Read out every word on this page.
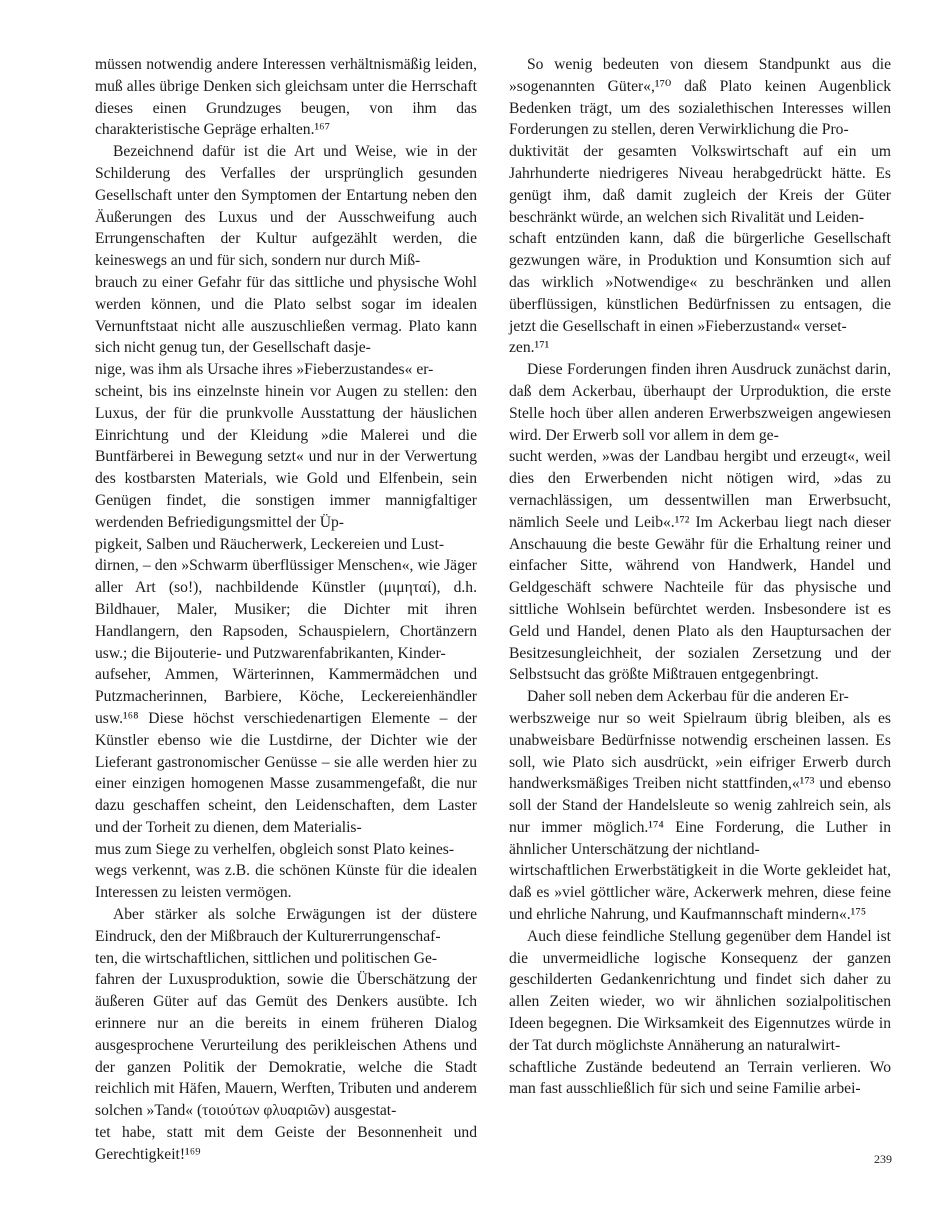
müssen notwendig andere Interessen verhältnismäßig leiden, muß alles übrige Denken sich gleichsam unter die Herrschaft dieses einen Grundzuges beugen, von ihm das charakteristische Gepräge erhalten.¹⁶⁷

Bezeichnend dafür ist die Art und Weise, wie in der Schilderung des Verfalles der ursprünglich gesunden Gesellschaft unter den Symptomen der Entartung neben den Äußerungen des Luxus und der Ausschweifung auch Errungenschaften der Kultur aufgezählt werden, die keineswegs an und für sich, sondern nur durch Miß-
brauch zu einer Gefahr für das sittliche und physische Wohl werden können, und die Plato selbst sogar im idealen Vernunftstaat nicht alle auszuschließen vermag. Plato kann sich nicht genug tun, der Gesellschaft dasje-
nige, was ihm als Ursache ihres »Fieberzustandes« er-
scheint, bis ins einzelnste hinein vor Augen zu stellen: den Luxus, der für die prunkvolle Ausstattung der häuslichen Einrichtung und der Kleidung »die Malerei und die Buntfärberei in Bewegung setzt« und nur in der Verwertung des kostbarsten Materials, wie Gold und Elfenbein, sein Genügen findet, die sonstigen immer mannigfaltiger werdenden Befriedigungsmittel der Üp-
pigkeit, Salben und Räucherwerk, Leckereien und Lust-
dirnen, – den »Schwarm überflüssiger Menschen«, wie Jäger aller Art (so!), nachbildende Künstler (μιμηταί), d.h. Bildhauer, Maler, Musiker; die Dichter mit ihren Handlangern, den Rapsoden, Schauspielern, Chortänzern usw.; die Bijouterie- und Putzwarenfabrikanten, Kinder-
aufseher, Ammen, Wärterinnen, Kammermädchen und Putzmacherinnen, Barbiere, Köche, Leckereienhändler usw.¹⁶⁸ Diese höchst verschiedenartigen Elemente – der Künstler ebenso wie die Lustdirne, der Dichter wie der Lieferant gastronomischer Genüsse – sie alle werden hier zu einer einzigen homogenen Masse zusammengefaßt, die nur dazu geschaffen scheint, den Leidenschaften, dem Laster und der Torheit zu dienen, dem Materialis-
mus zum Siege zu verhelfen, obgleich sonst Plato keines-
wegs verkennt, was z.B. die schönen Künste für die idealen Interessen zu leisten vermögen.

Aber stärker als solche Erwägungen ist der düstere Eindruck, den der Mißbrauch der Kulturerrungenschaf-
ten, die wirtschaftlichen, sittlichen und politischen Ge-
fahren der Luxusproduktion, sowie die Überschätzung der äußeren Güter auf das Gemüt des Denkers ausübte. Ich erinnere nur an die bereits in einem früheren Dialog ausgesprochene Verurteilung des perikleischen Athens und der ganzen Politik der Demokratie, welche die Stadt reichlich mit Häfen, Mauern, Werften, Tributen und anderem solchen »Tand« (τοιούτων φλυαριῶν) ausgestat-
tet habe, statt mit dem Geiste der Besonnenheit und Gerechtigkeit!¹⁶⁹

So wenig bedeuten von diesem Standpunkt aus die »sogenannten Güter«,¹⁷⁰ daß Plato keinen Augenblick Bedenken trägt, um des sozialethischen Interesses willen Forderungen zu stellen, deren Verwirklichung die Pro-
duktivität der gesamten Volkswirtschaft auf ein um Jahrhunderte niedrigeres Niveau herabgedrückt hätte. Es genügt ihm, daß damit zugleich der Kreis der Güter beschränkt würde, an welchen sich Rivalität und Leiden-
schaft entzünden kann, daß die bürgerliche Gesellschaft gezwungen wäre, in Produktion und Konsumtion sich auf das wirklich »Notwendige« zu beschränken und allen überflüssigen, künstlichen Bedürfnissen zu entsagen, die jetzt die Gesellschaft in einen »Fieberzustand« verset-
zen.¹⁷¹

Diese Forderungen finden ihren Ausdruck zunächst darin, daß dem Ackerbau, überhaupt der Urproduktion, die erste Stelle hoch über allen anderen Erwerbszweigen angewiesen wird. Der Erwerb soll vor allem in dem ge-
sucht werden, »was der Landbau hergibt und erzeugt«, weil dies den Erwerbenden nicht nötigen wird, »das zu vernachlässigen, um dessentwillen man Erwerbsucht, nämlich Seele und Leib«.¹⁷² Im Ackerbau liegt nach dieser Anschauung die beste Gewähr für die Erhaltung reiner und einfacher Sitte, während von Handwerk, Handel und Geldgeschäft schwere Nachteile für das physische und sittliche Wohlsein befürchtet werden. Insbesondere ist es Geld und Handel, denen Plato als den Hauptursachen der Besitzesungleichheit, der sozialen Zersetzung und der Selbstsucht das größte Mißtrauen entgegenbringt.

Daher soll neben dem Ackerbau für die anderen Er-
werbszweige nur so weit Spielraum übrig bleiben, als es unabweisbare Bedürfnisse notwendig erscheinen lassen. Es soll, wie Plato sich ausdrückt, »ein eifriger Erwerb durch handwerksmäßiges Treiben nicht stattfinden,«¹⁷³ und ebenso soll der Stand der Handelsleute so wenig zahlreich sein, als nur immer möglich.¹⁷⁴ Eine Forderung, die Luther in ähnlicher Unterschätzung der nichtland-
wirtschaftlichen Erwerbstätigkeit in die Worte gekleidet hat, daß es »viel göttlicher wäre, Ackerwerk mehren, diese feine und ehrliche Nahrung, und Kaufmannschaft mindern«.¹⁷⁵

Auch diese feindliche Stellung gegenüber dem Handel ist die unvermeidliche logische Konsequenz der ganzen geschilderten Gedankenrichtung und findet sich daher zu allen Zeiten wieder, wo wir ähnlichen sozialpolitischen Ideen begegnen. Die Wirksamkeit des Eigennutzes würde in der Tat durch möglichste Annäherung an naturalwirt-
schaftliche Zustände bedeutend an Terrain verlieren. Wo man fast ausschließlich für sich und seine Familie arbei-

239
